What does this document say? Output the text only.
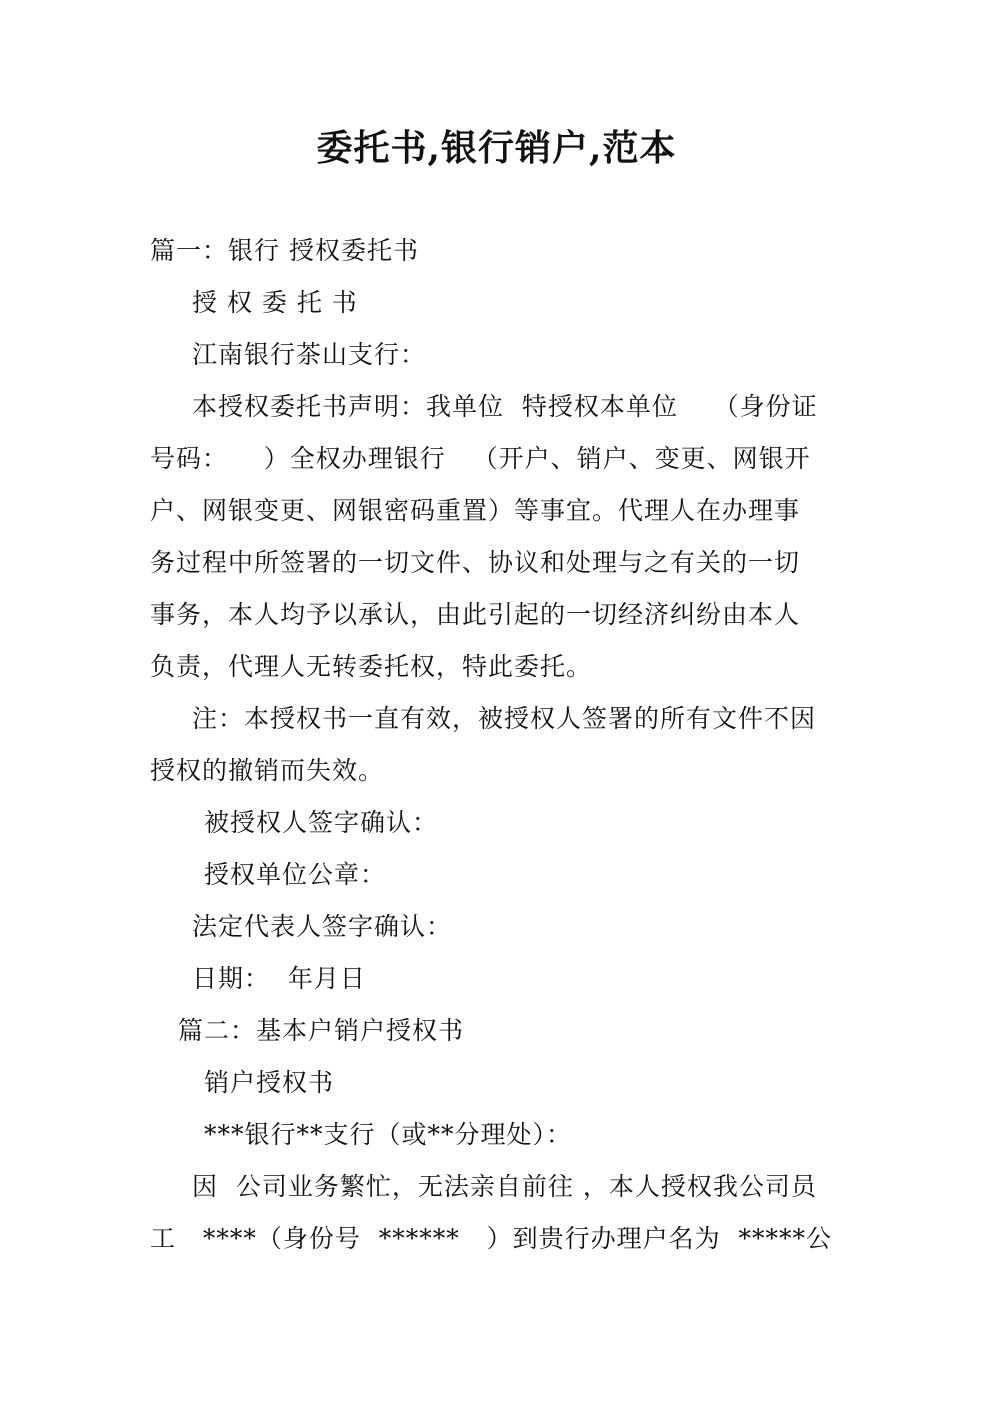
委托书,银行销户,范本
篇一：银行 授权委托书
授 权 委 托 书
江南银行茶山支行：
本授权委托书声明：我单位  特授权本单位    （身份证
号码：    ）全权办理银行   （开户、销户、变更、网银开
户、网银变更、网银密码重置）等事宜。代理人在办理事
务过程中所签署的一切文件、协议和处理与之有关的一切
事务，本人均予以承认，由此引起的一切经济纠纷由本人
负责，代理人无转委托权，特此委托。
注：本授权书一直有效，被授权人签署的所有文件不因
授权的撤销而失效。
被授权人签字确认：
授权单位公章：
法定代表人签字确认：
日期：  年月日
篇二：基本户销户授权书
销户授权书
***银行**支行（或**分理处）：
因  公司业务繁忙，无法亲自前往 ，本人授权我公司员
工   ****（身份号  ******   ）到贵行办理户名为  *****公
